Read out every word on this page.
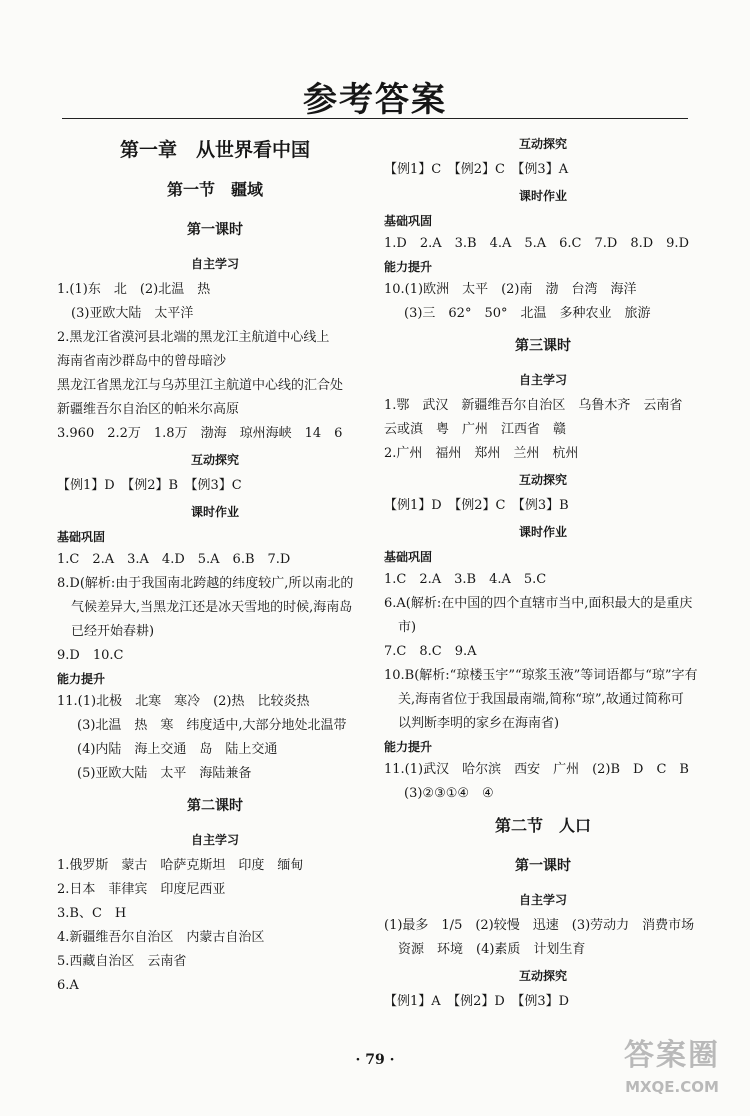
参考答案
第一章　从世界看中国
第一节　疆域
第一课时
自主学习
1.(1)东　北　(2)北温　热
(3)亚欧大陆　太平洋
2.黑龙江省漠河县北端的黑龙江主航道中心线上
海南省南沙群岛中的曾母暗沙
黑龙江省黑龙江与乌苏里江主航道中心线的汇合处
新疆维吾尔自治区的帕米尔高原
3.960　2.2万　1.8万　渤海　琼州海峡　14　6
互动探究
【例1】D　【例2】B　【例3】C
课时作业
基础巩固
1.C　2.A　3.A　4.D　5.A　6.B　7.D
8.D(解析:由于我国南北跨越的纬度较广,所以南北的
气候差异大,当黑龙江还是冰天雪地的时候,海南岛
已经开始春耕)
9.D　10.C
能力提升
11.(1)北极　北寒　寒冷　(2)热　比较炎热
(3)北温　热　寒　纬度适中,大部分地处北温带
(4)内陆　海上交通　岛　陆上交通
(5)亚欧大陆　太平　海陆兼备
第二课时
自主学习
1.俄罗斯　蒙古　哈萨克斯坦　印度　缅甸
2.日本　菲律宾　印度尼西亚
3.B、C　H
4.新疆维吾尔自治区　内蒙古自治区
5.西藏自治区　云南省
6.A
互动探究
【例1】C　【例2】C　【例3】A
课时作业
基础巩固
1.D　2.A　3.B　4.A　5.A　6.C　7.D　8.D　9.D
能力提升
10.(1)欧洲　太平　(2)南　渤　台湾　海洋
(3)三　62°　50°　北温　多种农业　旅游
第三课时
自主学习
1.鄂　武汉　新疆维吾尔自治区　乌鲁木齐　云南省
云或滇　粤　广州　江西省　赣
2.广州　福州　郑州　兰州　杭州
互动探究
【例1】D　【例2】C　【例3】B
课时作业
基础巩固
1.C　2.A　3.B　4.A　5.C
6.A(解析:在中国的四个直辖市当中,面积最大的是重庆
市)
7.C　8.C　9.A
10.B(解析:“琼楼玉宇”“琼浆玉液”等词语都与“琼”字有
关,海南省位于我国最南端,简称“琼”,故通过简称可
以判断李明的家乡在海南省)
能力提升
11.(1)武汉　哈尔滨　西安　广州　(2)B　D　C　B
(3)②③①④　④
第二节　人口
第一课时
自主学习
(1)最多　1/5　(2)较慢　迅速　(3)劳动力　消费市场
资源　环境　(4)素质　计划生育
互动探究
【例1】A　【例2】D　【例3】D
· 79 ·	答案圈
MXQE.COM
